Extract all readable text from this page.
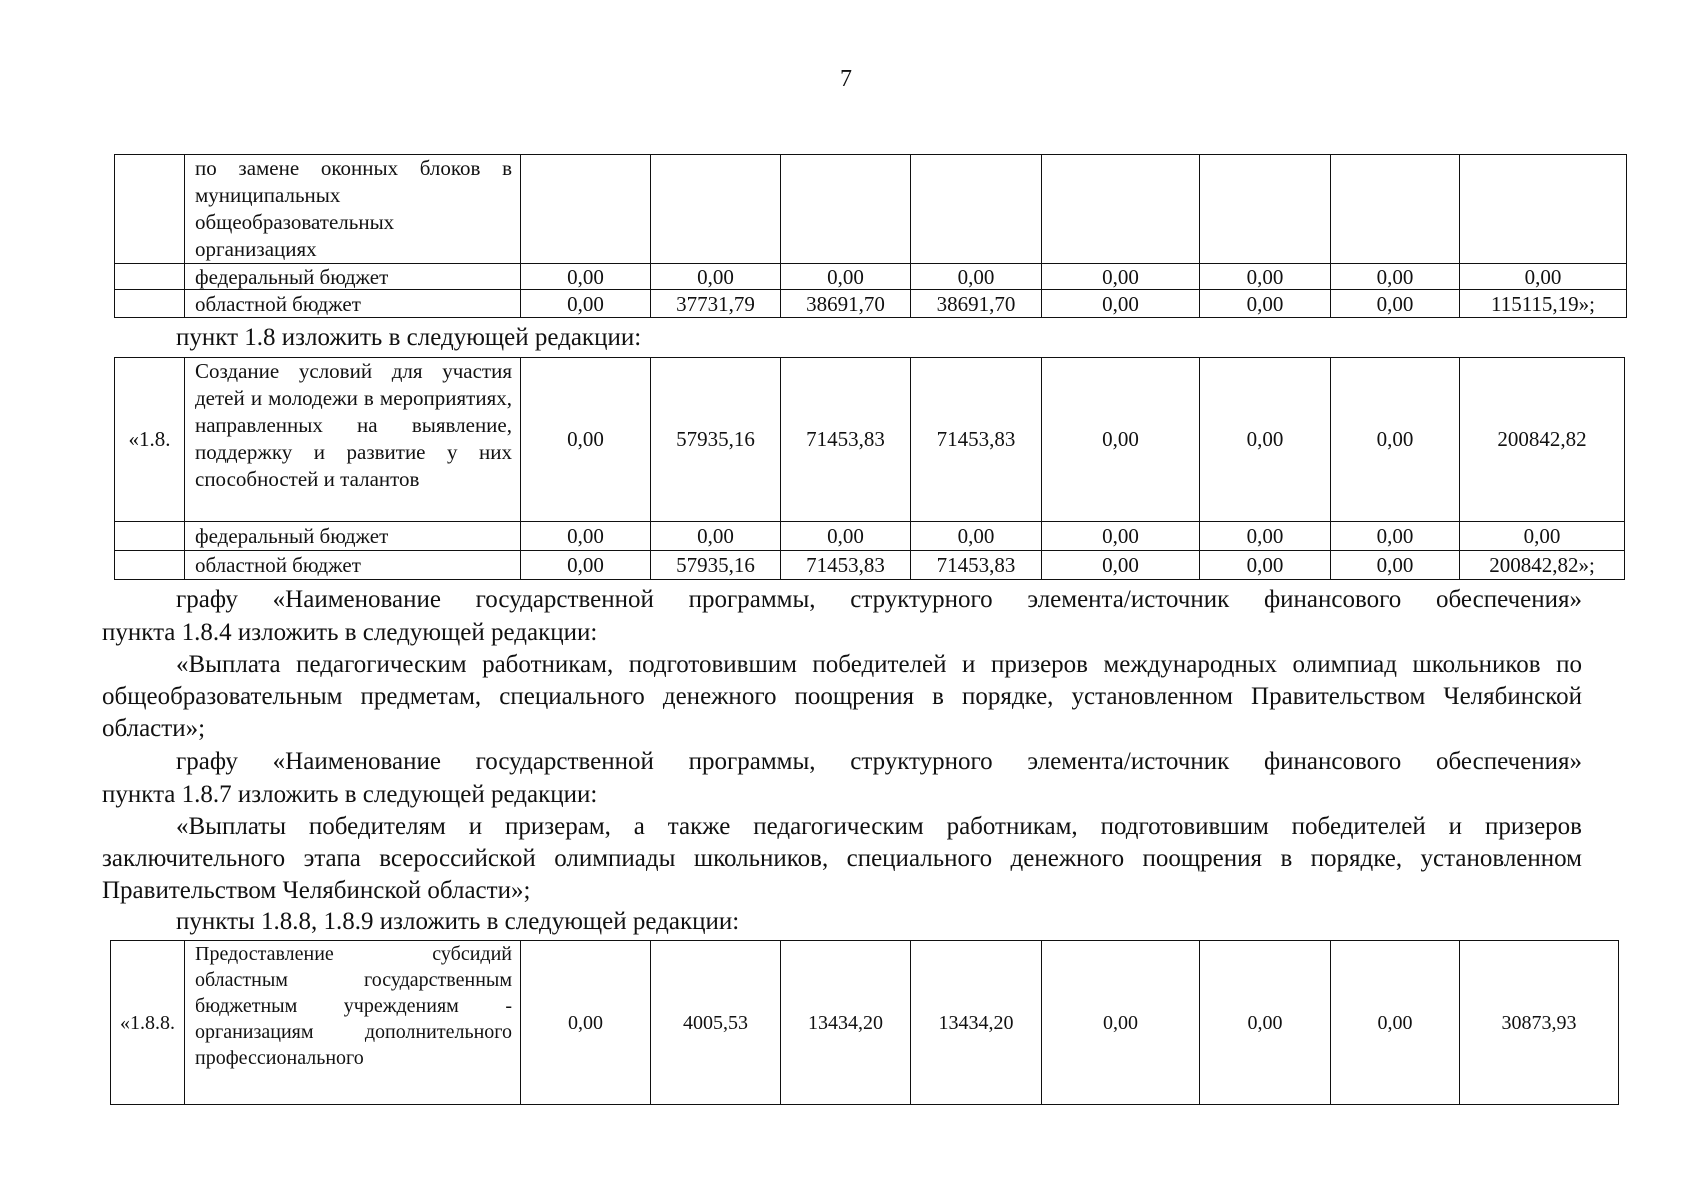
7
	по замене оконных блоков в муниципальных общеобразовательных организациях								
	федеральный бюджет	0,00	0,00	0,00	0,00	0,00	0,00	0,00	0,00
	областной бюджет	0,00	37731,79	38691,70	38691,70	0,00	0,00	0,00	115115,19»;
пункт 1.8 изложить в следующей редакции:
«1.8.	Создание условий для участия детей и молодежи в мероприятиях, направленных на выявление, поддержку и развитие у них способностей и талантов	0,00	57935,16	71453,83	71453,83	0,00	0,00	0,00	200842,82
	федеральный бюджет	0,00	0,00	0,00	0,00	0,00	0,00	0,00	0,00
	областной бюджет	0,00	57935,16	71453,83	71453,83	0,00	0,00	0,00	200842,82»;
графу «Наименование государственной программы, структурного элемента/источник финансового обеспечения»
пункта 1.8.4 изложить в следующей редакции:
«Выплата педагогическим работникам, подготовившим победителей и призеров международных олимпиад школьников по общеобразовательным предметам, специального денежного поощрения в порядке, установленном Правительством Челябинской области»;
графу «Наименование государственной программы, структурного элемента/источник финансового обеспечения»
пункта 1.8.7 изложить в следующей редакции:
«Выплаты победителям и призерам, а также педагогическим работникам, подготовившим победителей и призеров заключительного этапа всероссийской олимпиады школьников, специального денежного поощрения в порядке, установленном Правительством Челябинской области»;
пункты 1.8.8, 1.8.9 изложить в следующей редакции:
«1.8.8.	Предоставление субсидий областным государственным бюджетным учреждениям - организациям дополнительного профессионального	0,00	4005,53	13434,20	13434,20	0,00	0,00	0,00	30873,93
